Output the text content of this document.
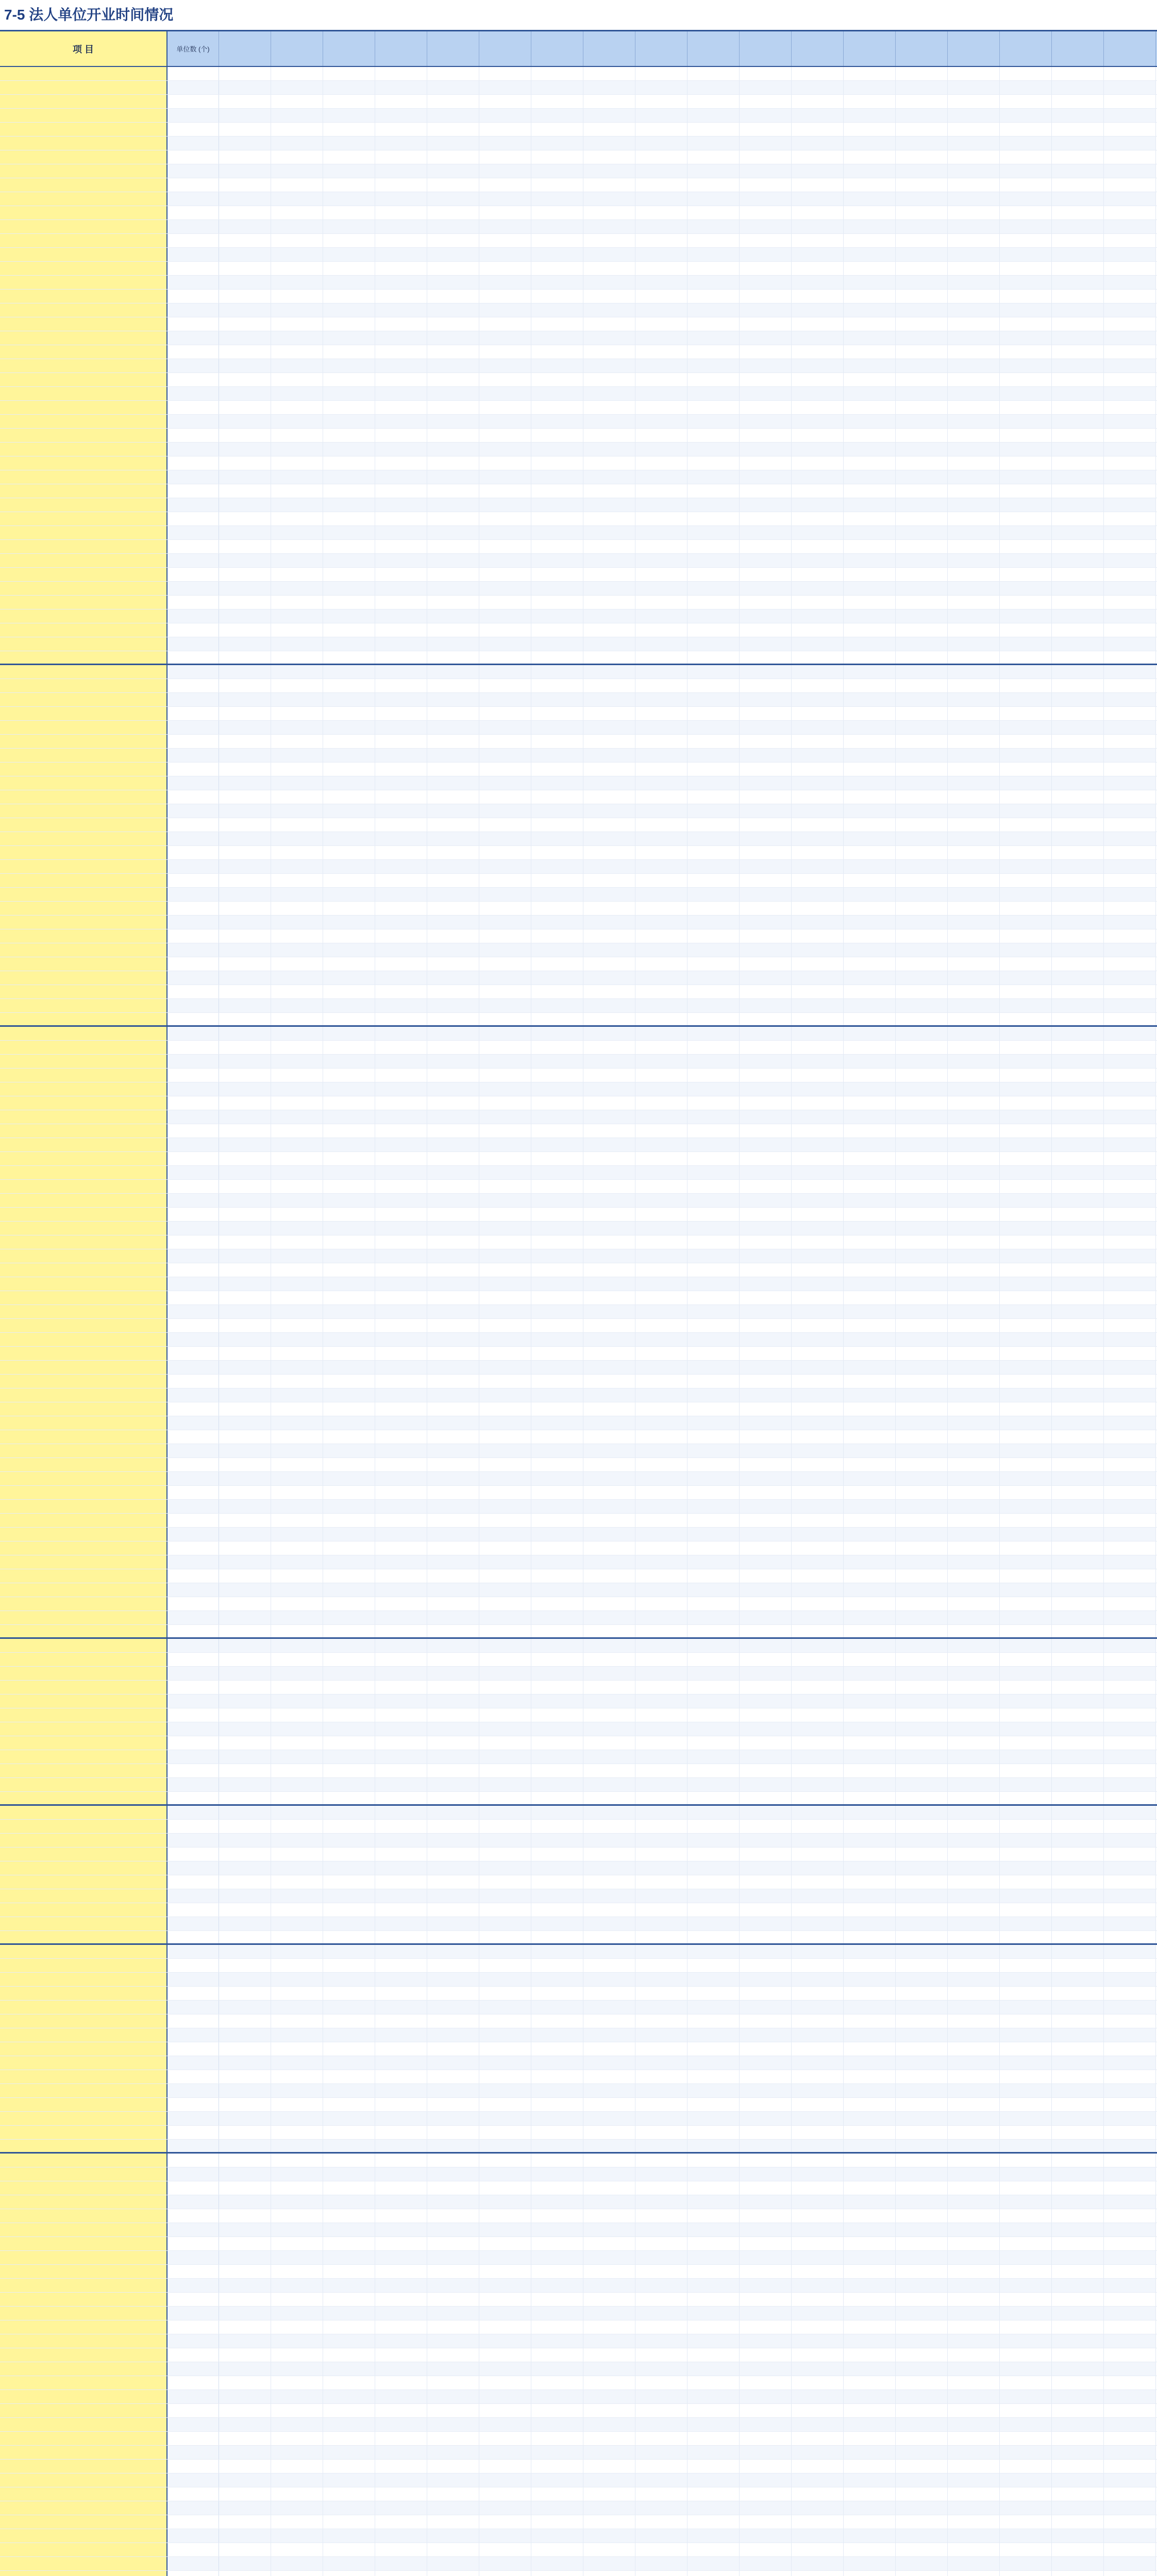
7-5 法人单位开业时间情况
项 目	单位数 (个)
